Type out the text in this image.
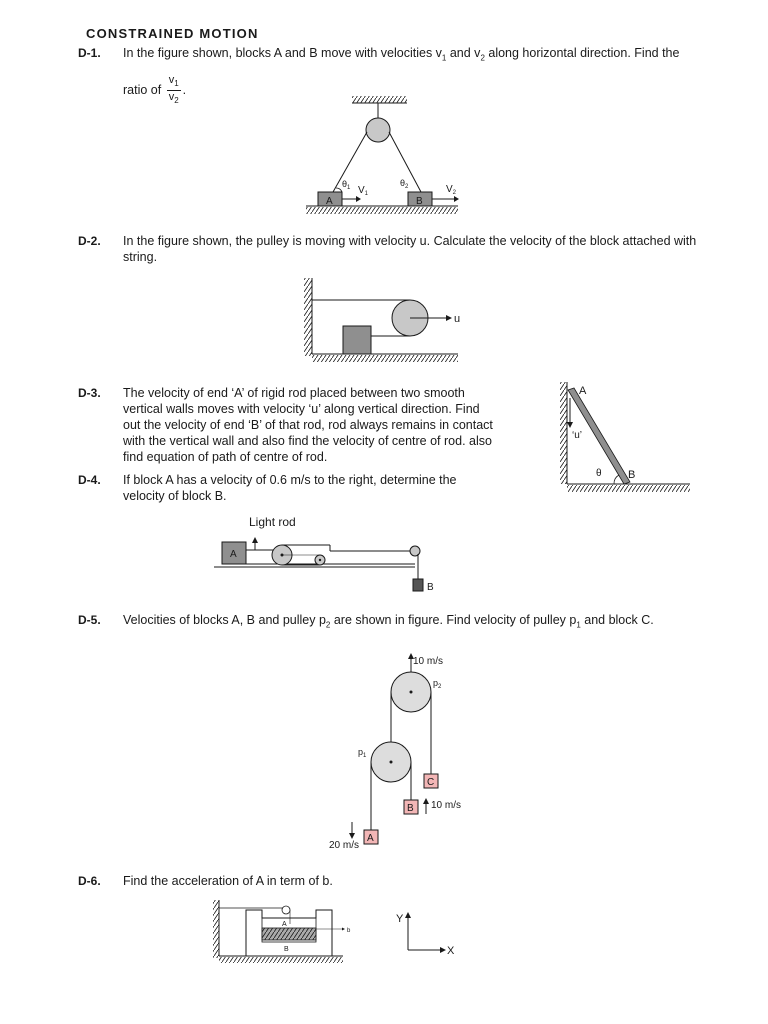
CONSTRAINED MOTION
D-1. In the figure shown, blocks A and B move with velocities $v_1$ and $v_2$ along horizontal direction. Find the
ratio of $\frac{v_1}{v_2}$ .
A	B
$\theta_1$	$\theta_2$
$V_1$	$V_2$
D-2. In the figure shown, the pulley is moving with velocity u. Calculate the velocity of the block attached with string.
u
D-3. The velocity of end ‘A’ of rigid rod placed between two smooth vertical walls moves with velocity ‘u’ along vertical direction. Find out the velocity of end ‘B’ of that rod, rod always remains in contact with the vertical wall and also find the velocity of centre of rod. also find equation of path of centre of rod.
A
B
‘u’
θ
D-4. If block A has a velocity of 0.6 m/s to the right, determine the velocity of block B.
Light rod
A
B
D-5. Velocities of blocks A, B and pulley $p_2$ are shown in figure. Find velocity of pulley $p_1$ and block C.
10 m/s
$p_2$
$p_1$
C
B 10 m/s
A
20 m/s
D-6. Find the acceleration of A in term of b.
A
B
b
Y
X
